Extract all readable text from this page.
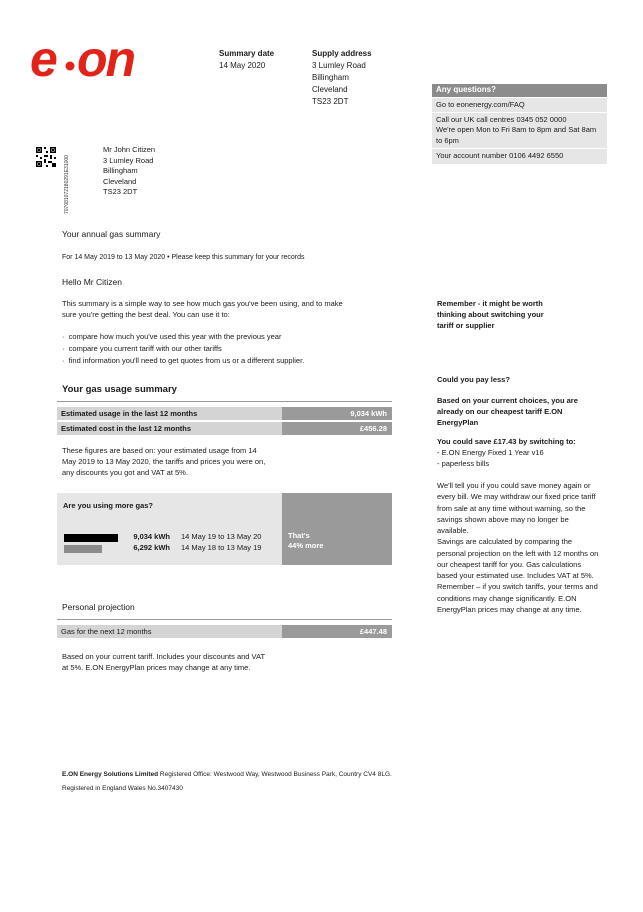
e on	Summary date
14 May 2020
Supply address
3 Lumley Road
Billingham
Cleveland
TS23 2DT
Any questions?
Go to eonenergy.com/FAQ
Call our UK call centres 0345 052 0000
We're open Mon to Fri 8am to 8pm and Sat 8am to 6pm
Your account number 0106 4492 6550
707081072180291E31000
Mr John Citizen
3 Lumley Road
Billingham
Cleveland
TS23 2DT
Your annual gas summary
For 14 May 2019 to 13 May 2020 • Please keep this summary for your records
Hello Mr Citizen
This summary is a simple way to see how much gas you've been using, and to make sure you're getting the best deal. You can use it to:
·  compare how much you've used this year with the previous year
·  compare you current tariff with our other tariffs
·  find information you'll need to get quotes from us or a different supplier.
Your gas usage summary
Estimated usage in the last 12 months	9,034 kWh
Estimated cost in the last 12 months	£456.28
These figures are based on: your estimated usage from 14 May 2019 to 13 May 2020, the tariffs and prices you were on, any discounts you got and VAT at 5%.
That's
44% more
Are you using more gas?
9,034 kWh 14 May 19 to 13 May 20
6,292 kWh 14 May 18 to 13 May 19
Personal projection
Gas for the next 12 months	£447.48
Based on your current tariff. Includes your discounts and VAT at 5%. E.ON EnergyPlan prices may change at any time.
Remember - it might be worth thinking about switching your tariff or supplier
Could you pay less?
Based on your current choices, you are already on our cheapest tariff E.ON EnergyPlan
You could save £17.43 by switching to:
- E.ON Energy Fixed 1 Year v16
- paperless bills
We'll tell you if you could save money again or every bill. We may withdraw our fixed price tariff from sale at any time without warning, so the savings shown above may no longer be available.
Savings are calculated by comparing the personal projection on the left with 12 months on our cheapest tariff for you. Gas calculations based your estimated use. Includes VAT at 5%.
Remember – if you switch tariffs, your terms and conditions may change significantly. E.ON EnergyPlan prices may change at any time.
E.ON Energy Solutions Limited Registered Office: Westwood Way, Westwood Business Park, Country CV4 8LG.
Registered in England Wales No.3407430
